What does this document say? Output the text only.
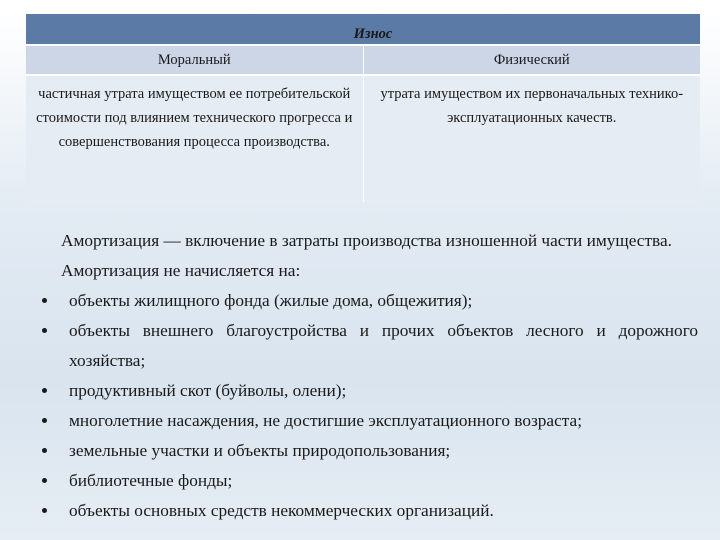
Износ	
Моральный	Физический

частичная утрата имуществом ее потребительской стоимости под влиянием технического прогресса и совершенствования процесса производства.	утрата имуществом их первоначальных технико-эксплуатационных качеств.
Амортизация — включение в затраты производства изношенной части имущества.
Амортизация не начисляется на:
объекты жилищного фонда (жилые дома, общежития);
объекты внешнего благоустройства и прочих объектов лесного и дорожного хозяйства;
продуктивный скот (буйволы, олени);
многолетние насаждения, не достигшие эксплуатационного возраста;
земельные участки и объекты природопользования;
библиотечные фонды;
объекты основных средств некоммерческих организаций.
